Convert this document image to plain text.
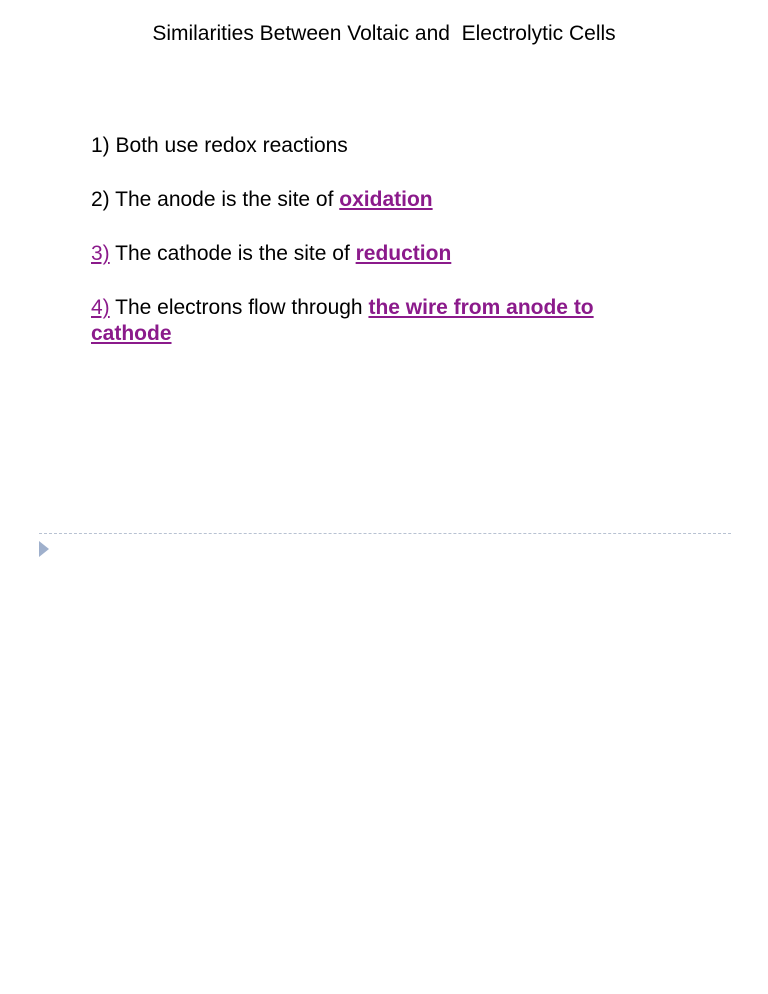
Similarities Between Voltaic and  Electrolytic Cells
1) Both use redox reactions
2) The anode is the site of oxidation
3) The cathode is the site of reduction
4) The electrons flow through the wire from anode to cathode
